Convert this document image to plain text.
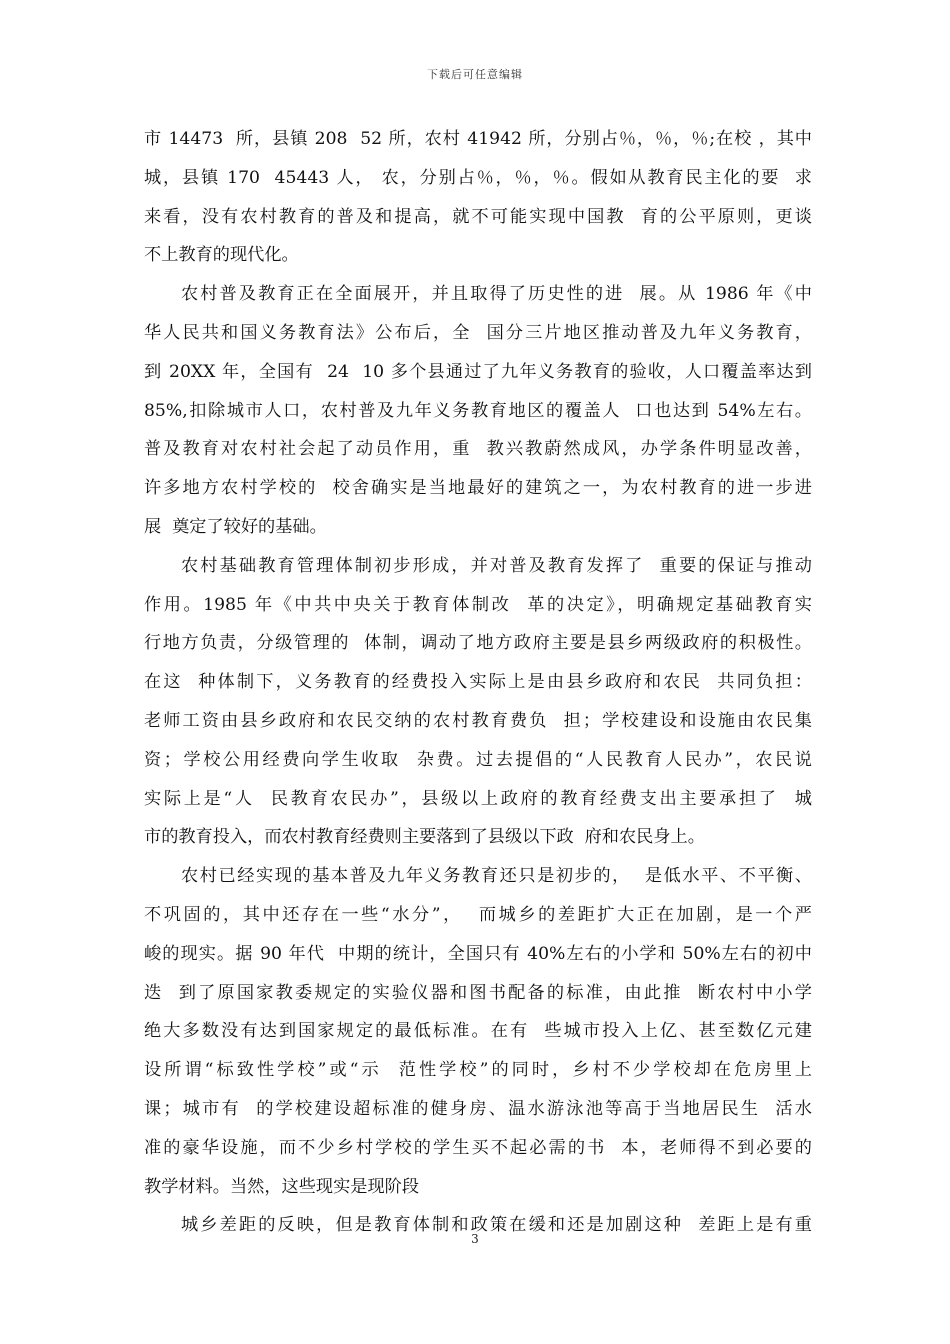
下载后可任意编辑
市 14473  所，县镇 208  52 所，农村 41942 所，分别占％，％，％;在校 ，其中
城，县镇 170  45443 人， 农，分别占％，％，％。假如从教育民主化的要  求
来看，没有农村教育的普及和提高，就不可能实现中国教  育的公平原则，更谈
不上教育的现代化。
农村普及教育正在全面展开，并且取得了历史性的进  展。从 1986 年《中
华人民共和国义务教育法》公布后，全  国分三片地区推动普及九年义务教育，
到 20XX 年，全国有  24  10 多个县通过了九年义务教育的验收，人口覆盖率达到
85%,扣除城市人口，农村普及九年义务教育地区的覆盖人  口也达到 54%左右。
普及教育对农村社会起了动员作用，重  教兴教蔚然成风，办学条件明显改善，
许多地方农村学校的  校舍确实是当地最好的建筑之一，为农村教育的进一步进
展  奠定了较好的基础。
农村基础教育管理体制初步形成，并对普及教育发挥了  重要的保证与推动
作用。1985 年《中共中央关于教育体制改  革的决定》，明确规定基础教育实
行地方负责，分级管理的  体制，调动了地方政府主要是县乡两级政府的积极性。
在这  种体制下，义务教育的经费投入实际上是由县乡政府和农民  共同负担：
老师工资由县乡政府和农民交纳的农村教育费负  担；学校建设和设施由农民集
资；学校公用经费向学生收取  杂费。过去提倡的“人民教育人民办”，农民说
实际上是“人  民教育农民办”，县级以上政府的教育经费支出主要承担了  城
市的教育投入，而农村教育经费则主要落到了县级以下政  府和农民身上。
农村已经实现的基本普及九年义务教育还只是初步的，  是低水平、不平衡、
不巩固的，其中还存在一些“水分”，  而城乡的差距扩大正在加剧，是一个严
峻的现实。据 90 年代  中期的统计，全国只有 40%左右的小学和 50%左右的初中
迭  到了原国家教委规定的实验仪器和图书配备的标准，由此推  断农村中小学
绝大多数没有达到国家规定的最低标准。在有  些城市投入上亿、甚至数亿元建
设所谓“标致性学校”或“示  范性学校”的同时，乡村不少学校却在危房里上
课；城市有  的学校建设超标准的健身房、温水游泳池等高于当地居民生  活水
准的豪华设施，而不少乡村学校的学生买不起必需的书  本，老师得不到必要的
教学材料。当然，这些现实是现阶段
城乡差距的反映，但是教育体制和政策在缓和还是加剧这种  差距上是有重
3
